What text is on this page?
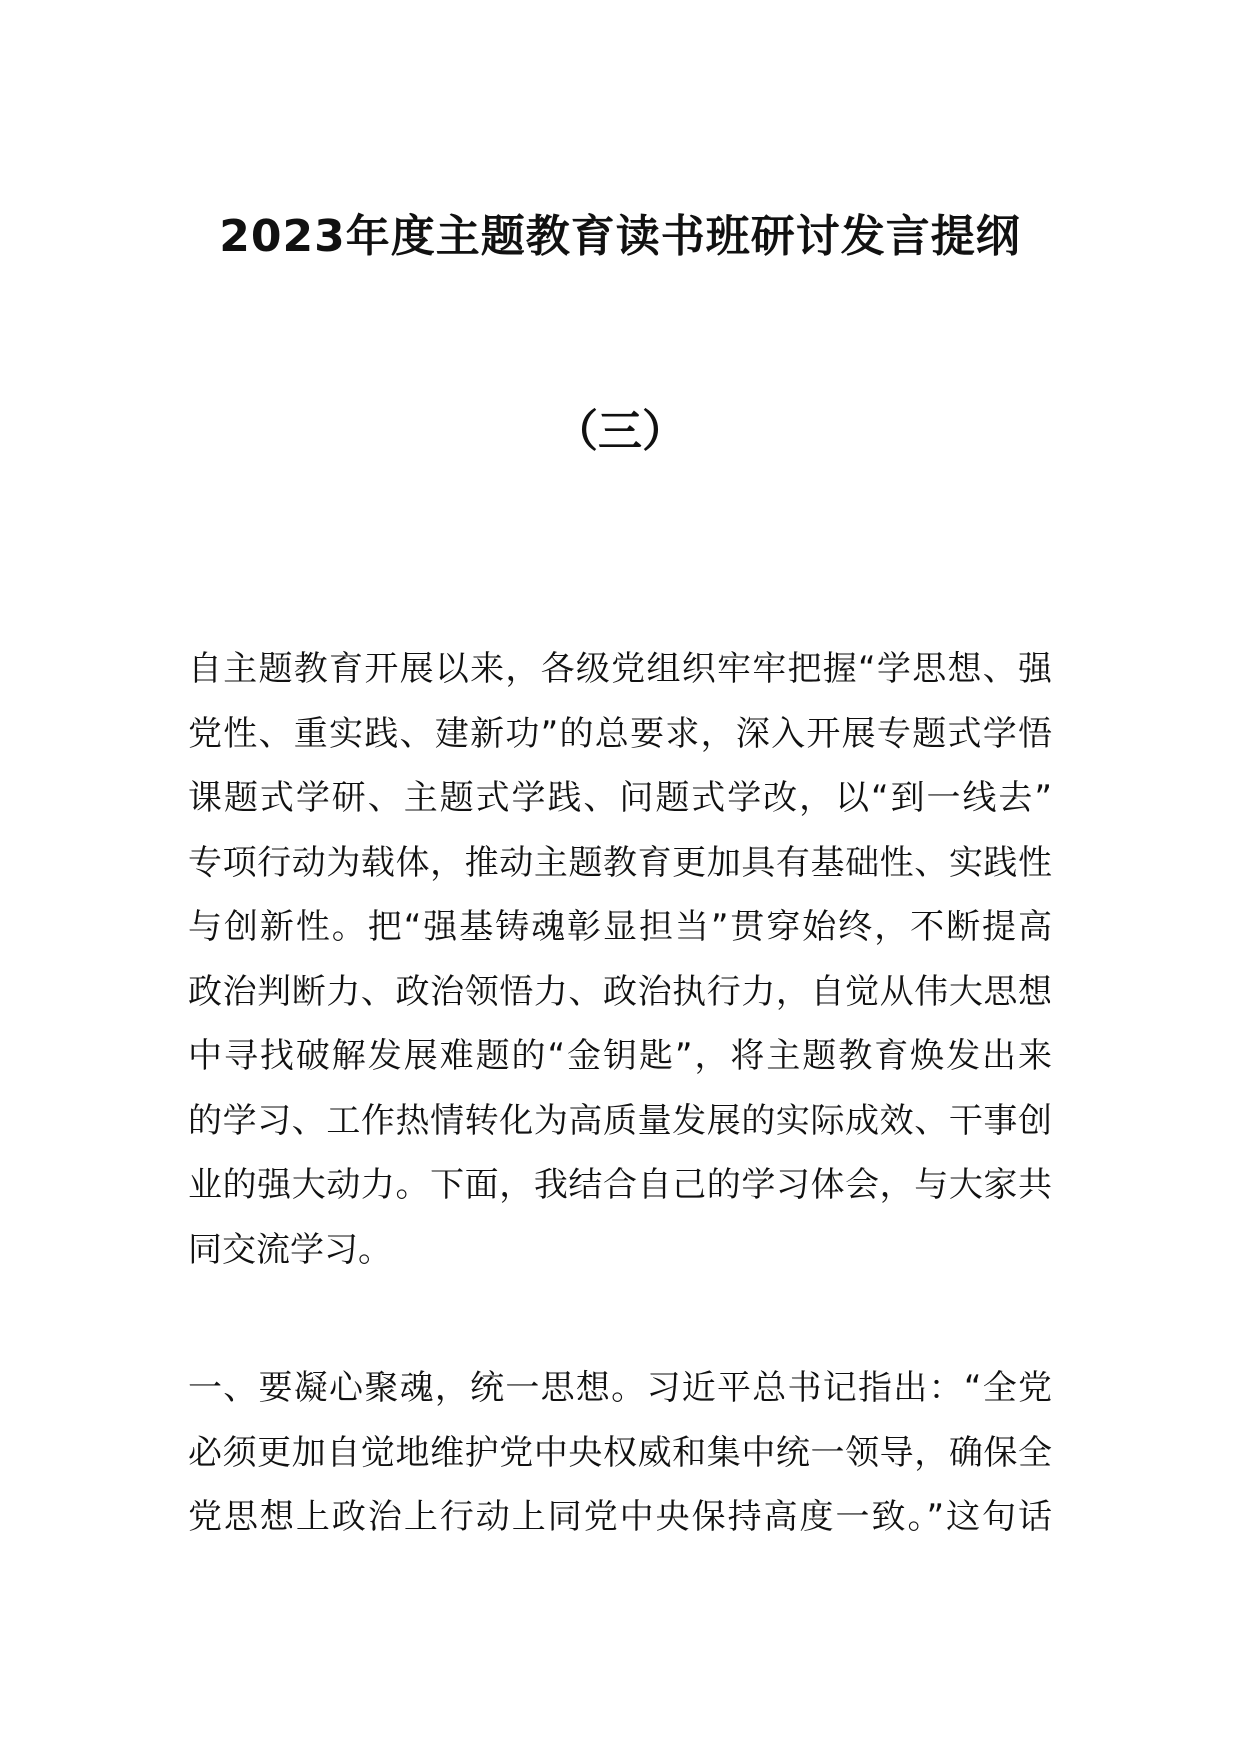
2023年度主题教育读书班研讨发言提纲
（三）
自主题教育开展以来，各级党组织牢牢把握“学思想、强
党性、重实践、建新功”的总要求，深入开展专题式学悟
课题式学研、主题式学践、问题式学改，以“到一线去”
专项行动为载体，推动主题教育更加具有基础性、实践性
与创新性。把“强基铸魂彰显担当”贯穿始终，不断提高
政治判断力、政治领悟力、政治执行力，自觉从伟大思想
中寻找破解发展难题的“金钥匙”，将主题教育焕发出来
的学习、工作热情转化为高质量发展的实际成效、干事创
业的强大动力。下面，我结合自己的学习体会，与大家共
同交流学习。
一、要凝心聚魂，统一思想。习近平总书记指出：“全党
必须更加自觉地维护党中央权威和集中统一领导，确保全
党思想上政治上行动上同党中央保持高度一致。”这句话
